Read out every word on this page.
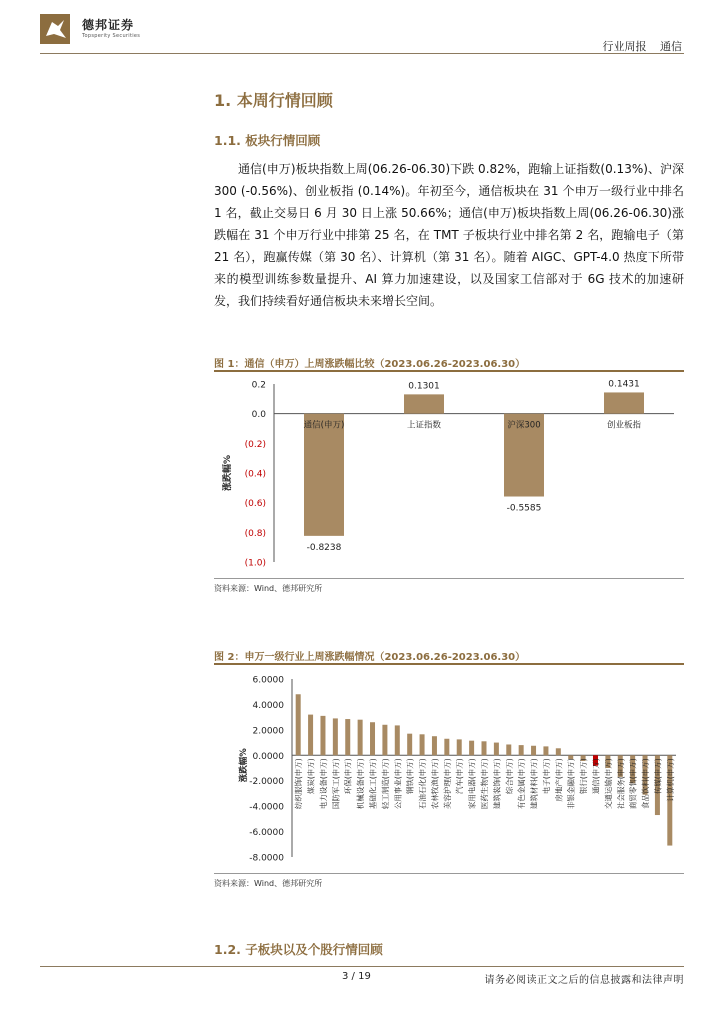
德邦证券
Topsperity Securities
行业周报 通信
1. 本周行情回顾
1.1. 板块行情回顾

通信(申万)板块指数上周(06.26-06.30)下跌 0.82%，跑输上证指数(0.13%)、沪深 300 (-0.56%)、创业板指 (0.14%)。年初至今，通信板块在 31 个申万一级行业中排名 1 名，截止交易日 6 月 30 日上涨 50.66%；通信(申万)板块指数上周(06.26-06.30)涨跌幅在 31 个申万行业中排第 25 名，在 TMT 子板块行业中排名第 2 名，跑输电子（第 21 名），跑赢传媒（第 30 名）、计算机（第 31 名）。随着 AIGC、GPT-4.0 热度下所带来的模型训练参数量提升、AI 算力加速建设，以及国家工信部对于 6G 技术的加速研发，我们持续看好通信板块未来增长空间。

图 1：通信（申万）上周涨跌幅比较（2023.06.26-2023.06.30）
0.2
0.0
(0.2)
(0.4)
(0.6)
(0.8)
(1.0)
涨跌幅%
-0.8238
通信(申万)
0.1301
上证指数
-0.5585
沪深300
0.1431
创业板指
资料来源：Wind、德邦研究所
图 2：申万一级行业上周涨跌幅情况（2023.06.26-2023.06.30）
6.0000
4.0000
2.0000
0.0000
-2.0000
-4.0000
-6.0000
-8.0000
涨跌幅%	纺织服饰(申万) 煤炭(申万) 电力设备(申万) 国防军工(申万) 环保(申万) 机械设备(申万) 基础化工(申万) 轻工制造(申万) 公用事业(申万) 钢铁(申万) 石油石化(申万) 农林牧渔(申万) 美容护理(申万) 汽车(申万) 家用电器(申万) 医药生物(申万) 建筑装饰(申万) 综合(申万) 有色金属(申万) 建筑材料(申万) 电子(申万) 房地产(申万) 非银金融(申万) 银行(申万) 通信(申万) 交通运输(申万) 社会服务(申万) 商贸零售(申万) 食品饮料(申万) 传媒(申万) 计算机(申万)
资料来源：Wind、德邦研究所
1.2. 子板块以及个股行情回顾
3 / 19	请务必阅读正文之后的信息披露和法律声明
